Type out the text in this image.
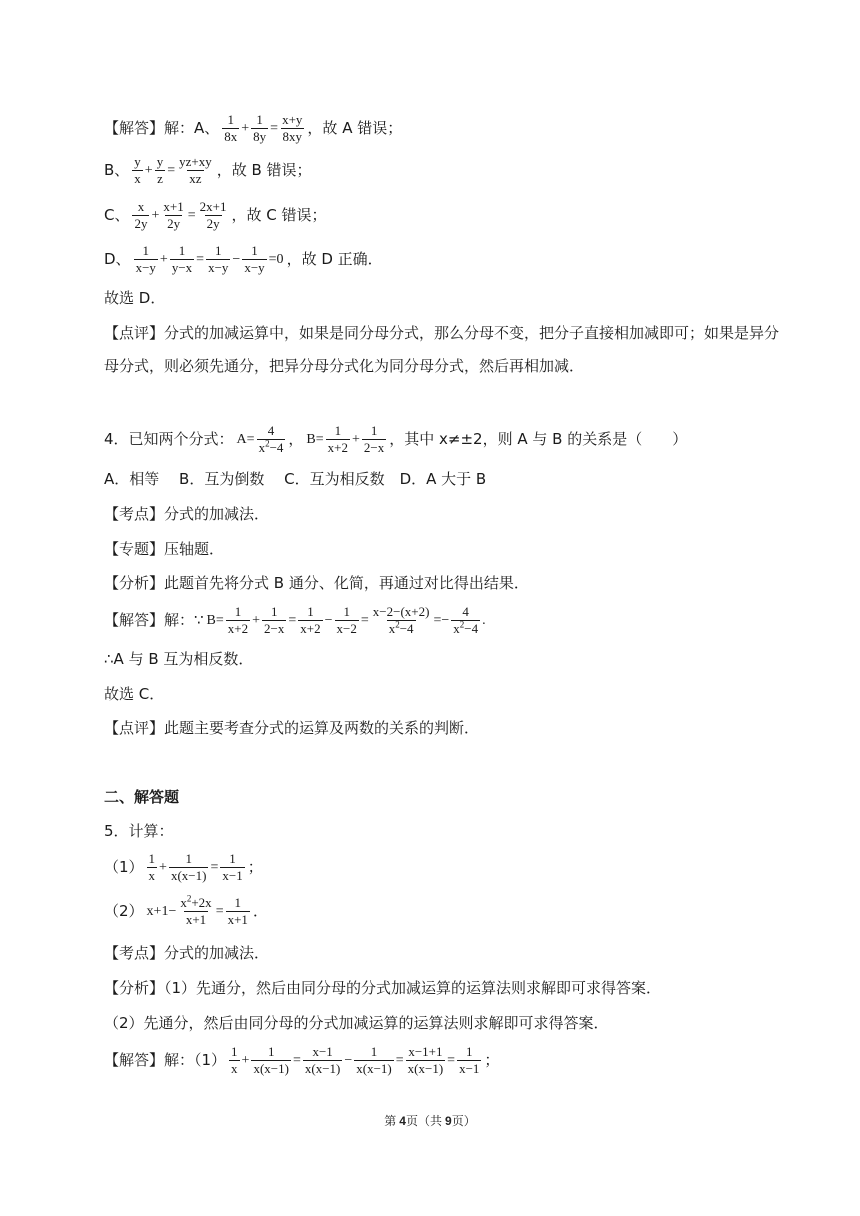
【解答】解：A、 $\frac{1}{8x} + \frac{1}{8y} = \frac{x+y}{8xy}$ ，故 A 错误；
B、 $\frac{y}{x} + \frac{y}{z} = \frac{yz+xy}{xz}$ ，故 B 错误；
C、 $\frac{x}{2y} + \frac{x+1}{2y} = \frac{2x+1}{2y}$ ，故 C 错误；
D、 $\frac{1}{x-y} + \frac{1}{y-x} = \frac{1}{x-y} - \frac{1}{x-y} =0$ ，故 D 正确．
故选 D．
【点评】分式的加减运算中，如果是同分母分式，那么分母不变，把分子直接相加减即可；如果是异分母分式，则必须先通分，把异分母分式化为同分母分式，然后再相加减．
4．已知两个分式： $A= \frac{4}{x^2-4}$ ， $B= \frac{1}{x+2} + \frac{1}{2-x}$ ，其中 x≠±2，则 A 与 B 的关系是（　　）
A．相等　 B．互为倒数　 C．互为相反数　D．A 大于 B
【考点】分式的加减法．
【专题】压轴题．
【分析】此题首先将分式 B 通分、化简，再通过对比得出结果．
【解答】解：∵ $B= \frac{1}{x+2} + \frac{1}{2-x} = \frac{1}{x+2} - \frac{1}{x-2} = \frac{x-2-(x+2)}{x^2-4} =- \frac{4}{x^2-4}$ .
∴A 与 B 互为相反数．
故选 C．
【点评】此题主要考查分式的运算及两数的关系的判断．
二、解答题
5．计算：
$(1) \frac{1}{x} + \frac{1}{x(x-1)} = \frac{1}{x-1}$ ；
（2） $x+1- \frac{x^2+2x}{x+1} = \frac{1}{x+1}$ ．
【考点】分式的加减法．
【分析】（1）先通分，然后由同分母的分式加减运算的运算法则求解即可求得答案．
（2）先通分，然后由同分母的分式加减运算的运算法则求解即可求得答案．
【解答】解：$(1) \frac{1}{x} + \frac{1}{x(x-1)} = \frac{x-1}{x(x-1)} - \frac{1}{x(x-1)} = \frac{x-1+1}{x(x-1)} = \frac{1}{x-1}$ ；
第 4页（共 9页）
